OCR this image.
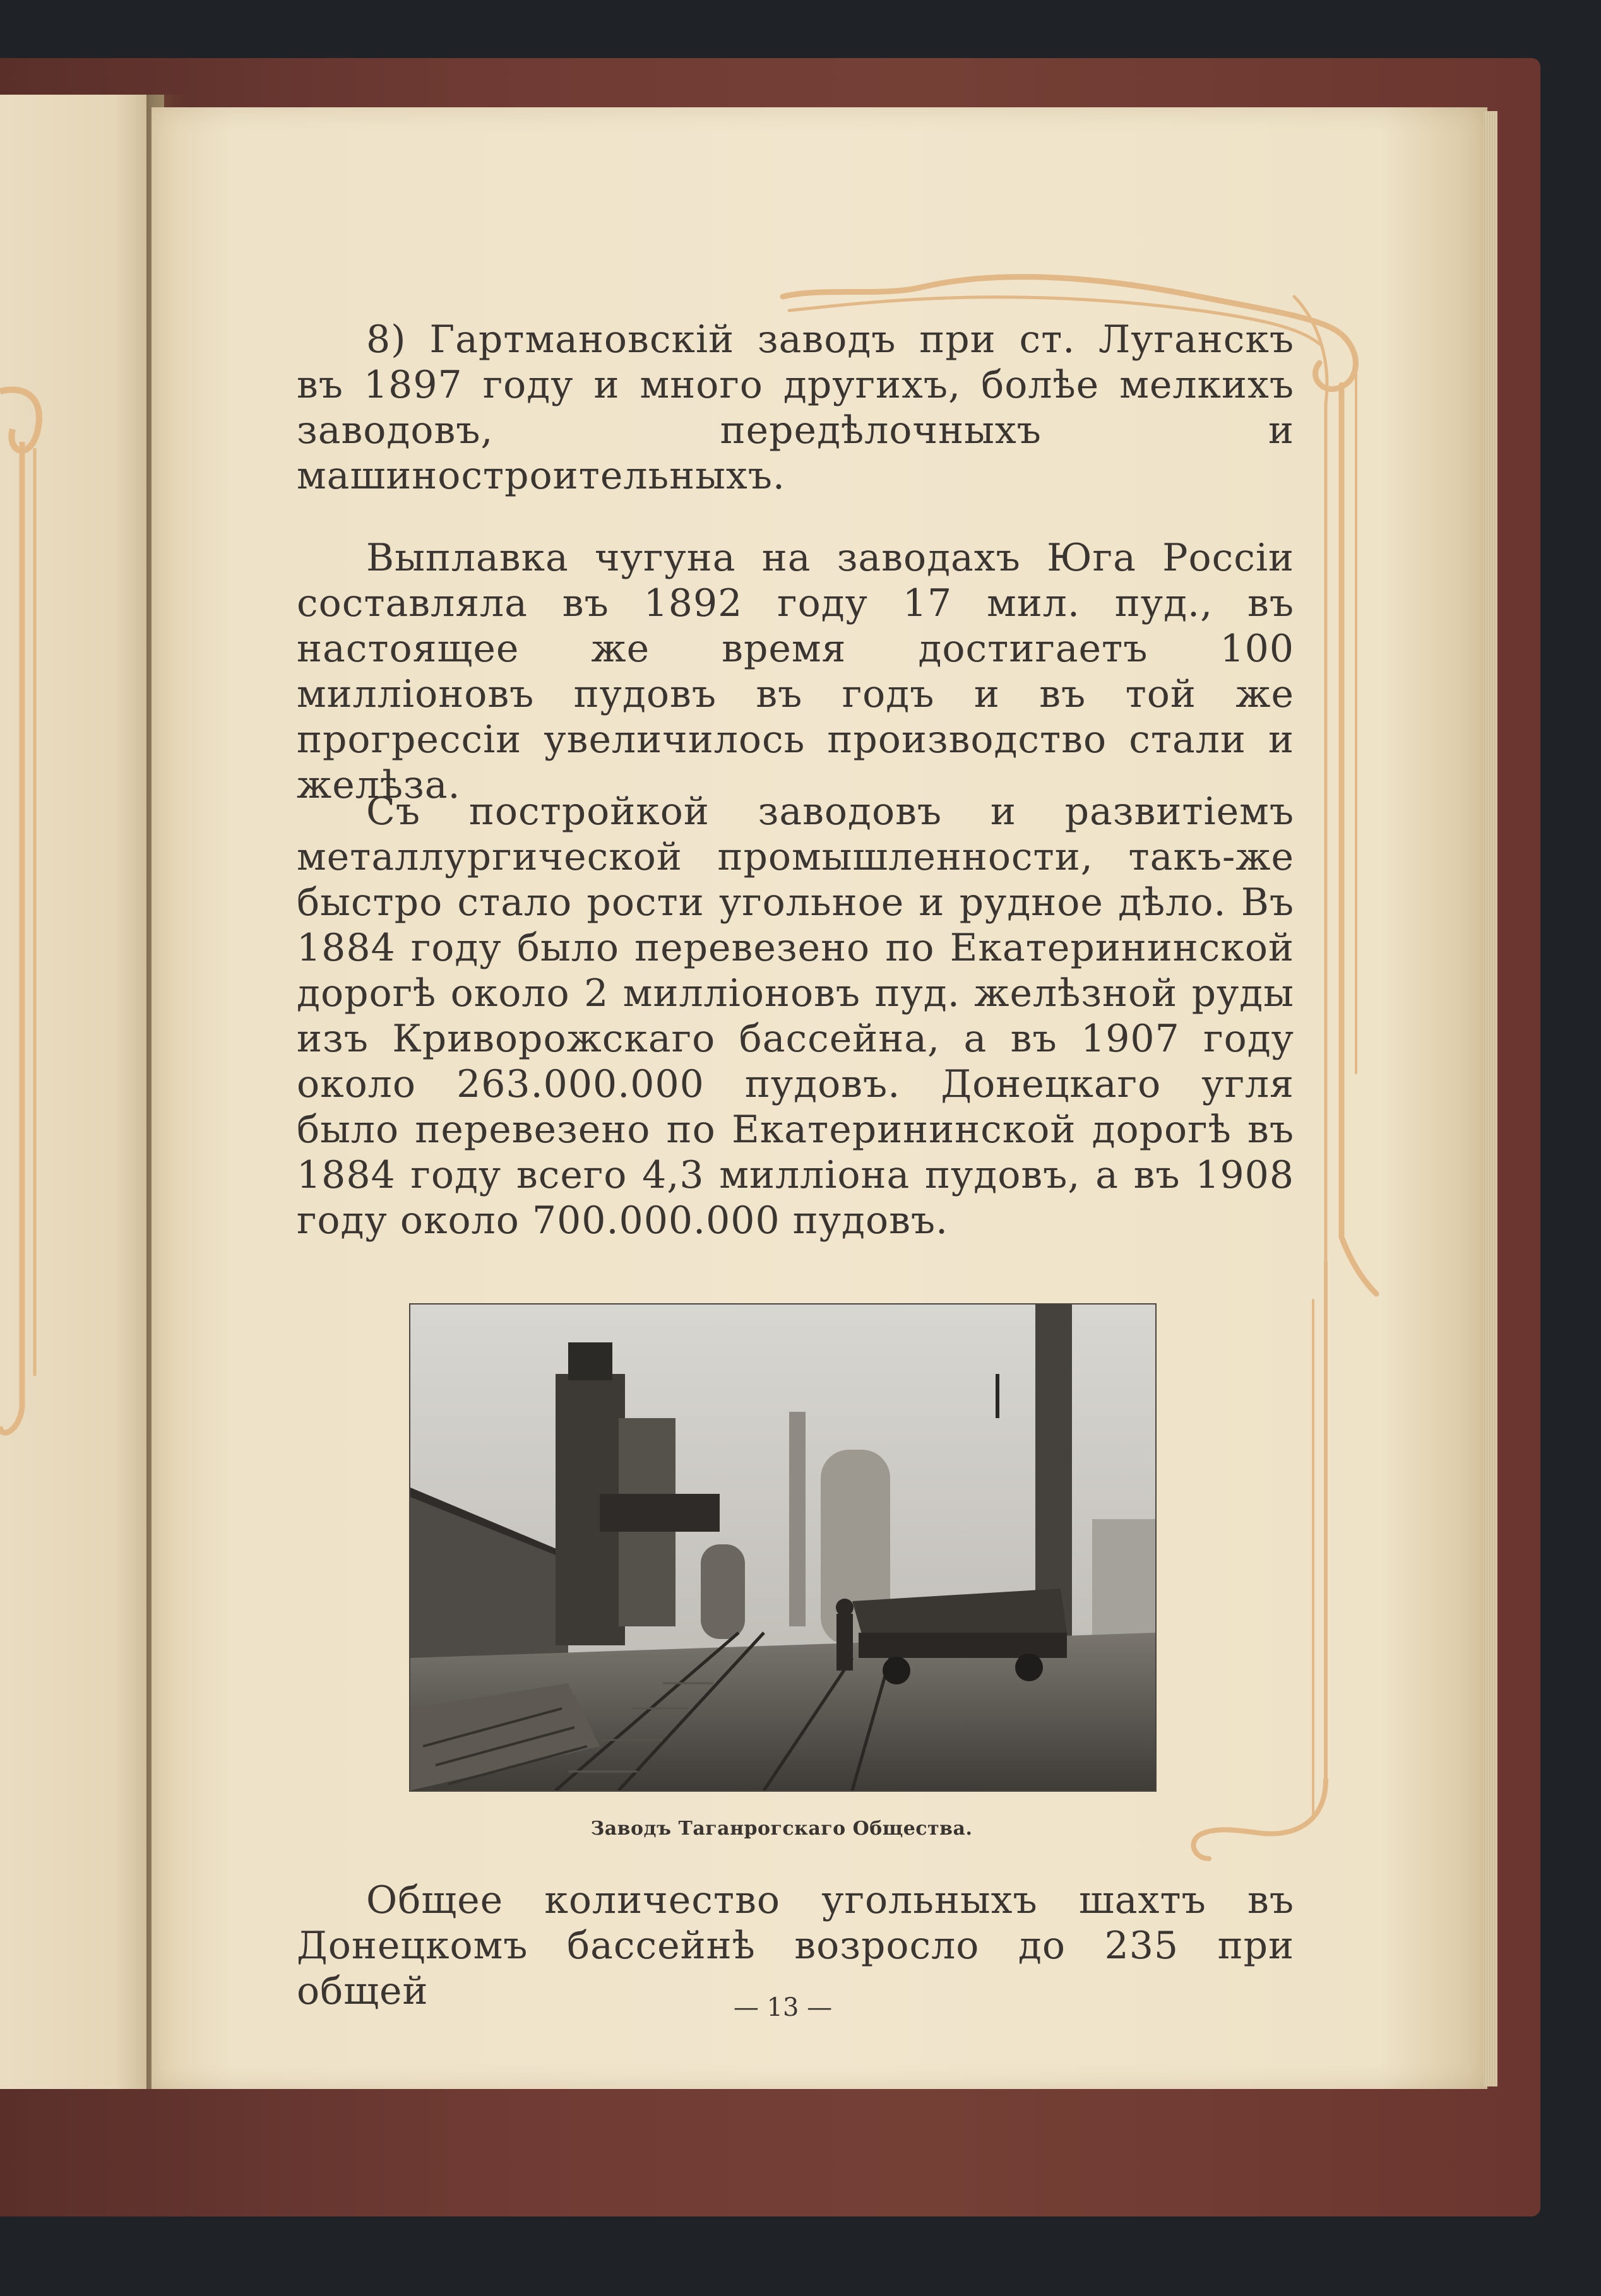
8) Гартмановскій заводъ при ст. Луганскъ въ 1897 году и много другихъ, болѣе мелкихъ заводовъ, передѣлочныхъ и машиностроительныхъ.

Выплавка чугуна на заводахъ Юга Россіи составляла въ 1892 году 17 мил. пуд., въ настоящее же время достигаетъ 100 милліоновъ пудовъ въ годъ и въ той же прогрессіи увеличилось производство стали и желѣза.

Съ постройкой заводовъ и развитіемъ металлургической промышленности, такъ-же быстро стало рости угольное и рудное дѣло. Въ 1884 году было перевезено по Екатерининской дорогѣ около 2 милліоновъ пуд. желѣзной руды изъ Криворожскаго бассейна, а въ 1907 году около 263.000.000 пудовъ. Донецкаго угля было перевезено по Екатерининской дорогѣ въ 1884 году всего 4,3 милліона пудовъ, а въ 1908 году около 700.000.000 пудовъ.

Заводъ Таганрогскаго Общества.

Общее количество угольныхъ шахтъ въ Донецкомъ бассейнѣ возросло до 235 при общей	— 13 —
